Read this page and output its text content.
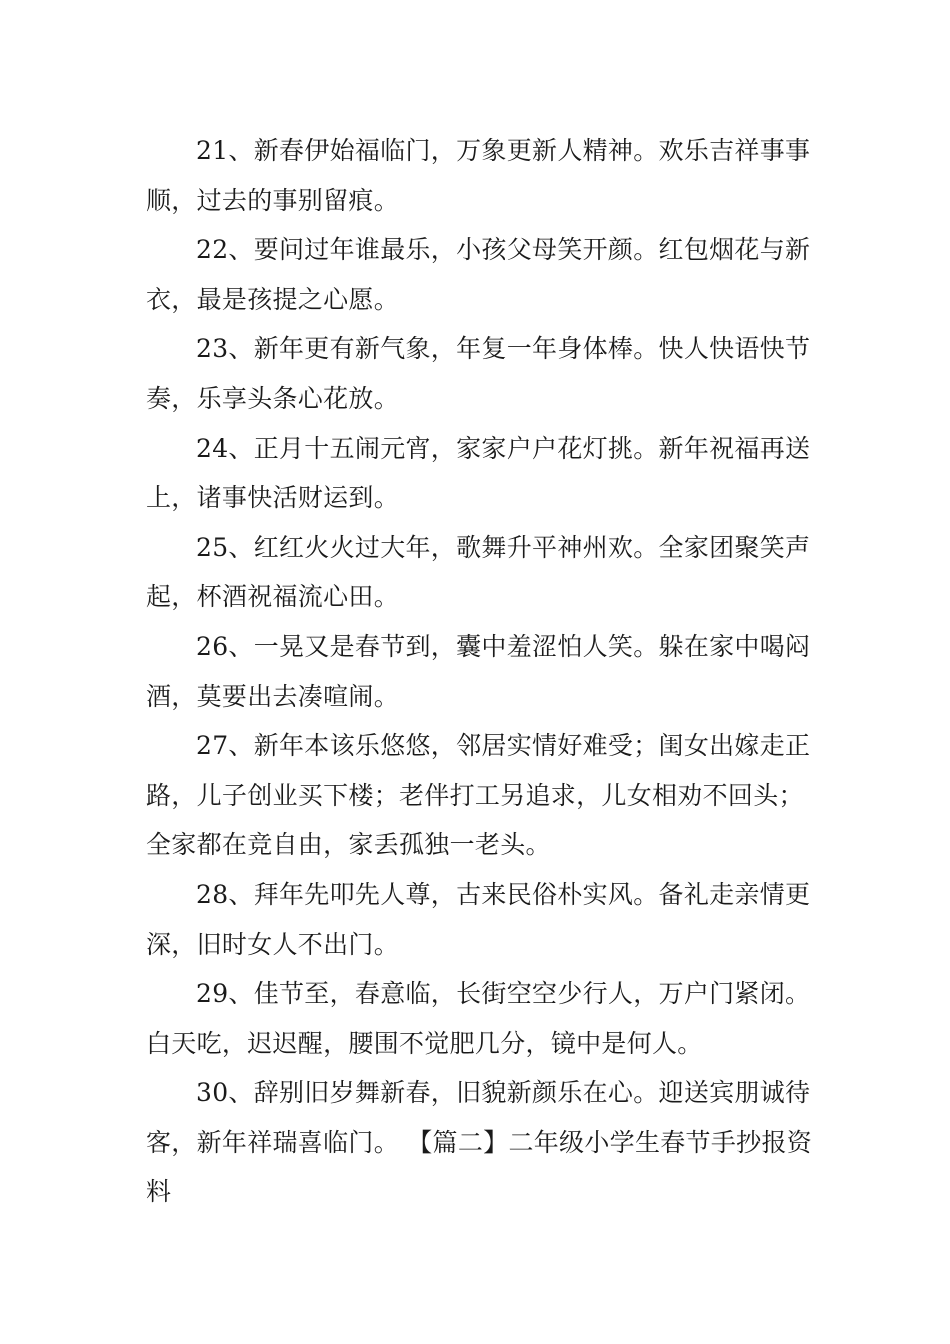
21、新春伊始福临门，万象更新人精神。欢乐吉祥事事顺，过去的事别留痕。

22、要问过年谁最乐，小孩父母笑开颜。红包烟花与新衣，最是孩提之心愿。

23、新年更有新气象，年复一年身体棒。快人快语快节奏，乐享头条心花放。

24、正月十五闹元宵，家家户户花灯挑。新年祝福再送上，诸事快活财运到。

25、红红火火过大年，歌舞升平神州欢。全家团聚笑声起，杯酒祝福流心田。

26、一晃又是春节到，囊中羞涩怕人笑。躲在家中喝闷酒，莫要出去凑喧闹。

27、新年本该乐悠悠，邻居实情好难受；闺女出嫁走正路，儿子创业买下楼；老伴打工另追求，儿女相劝不回头；全家都在竞自由，家丢孤独一老头。

28、拜年先叩先人尊，古来民俗朴实风。备礼走亲情更深，旧时女人不出门。

29、佳节至，春意临，长街空空少行人，万户门紧闭。白天吃，迟迟醒，腰围不觉肥几分，镜中是何人。

30、辞别旧岁舞新春，旧貌新颜乐在心。迎送宾朋诚待客，新年祥瑞喜临门。 【篇二】二年级小学生春节手抄报资料
